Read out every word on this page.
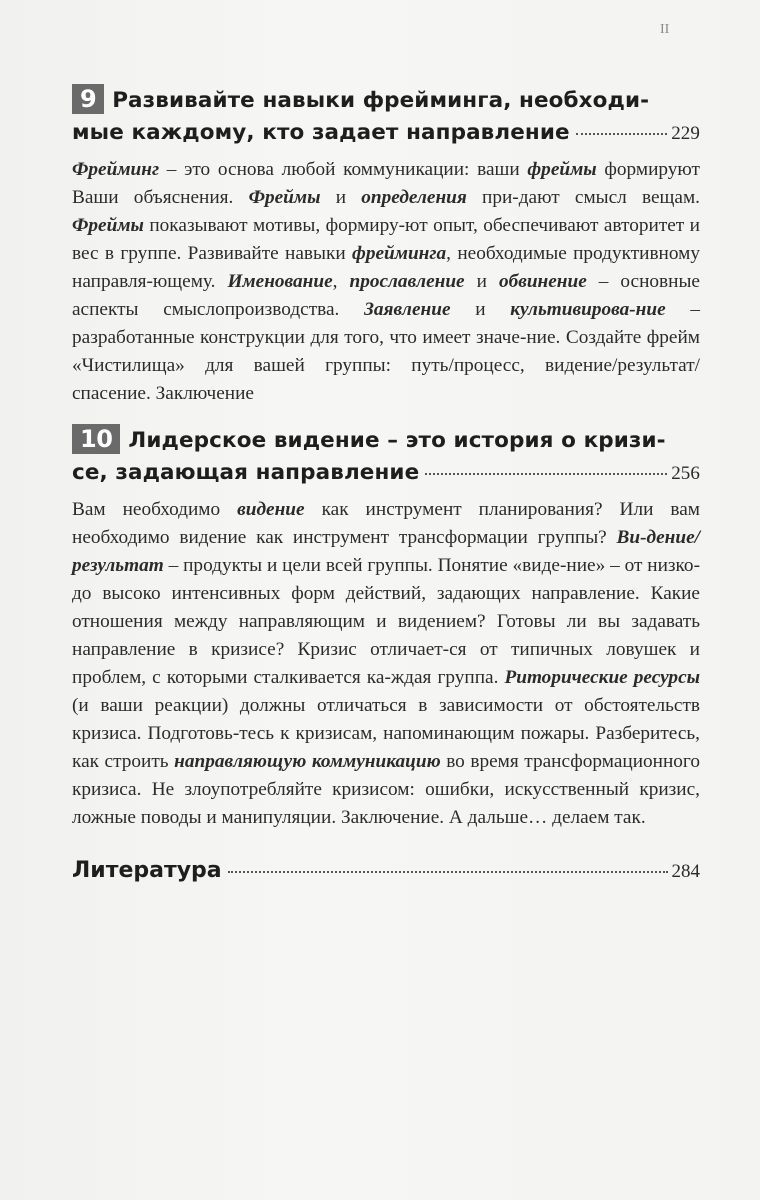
II
9 Развивайте навыки фрейминга, необходи-
мые каждому, кто задает направление	229

Фрейминг – это основа любой коммуникации: ваши фреймы формируют Ваши объяснения. Фреймы и определения при-дают смысл вещам. Фреймы показывают мотивы, формиру-ют опыт, обеспечивают авторитет и вес в группе. Развивайте навыки фрейминга, необходимые продуктивному направля-ющему. Именование, прославление и обвинение – основные аспекты смыслопроизводства. Заявление и культивирова-ние – разработанные конструкции для того, что имеет значе-ние. Создайте фрейм «Чистилища» для вашей группы: путь/процесс, видение/результат/спасение. Заключение

10 Лидерское видение – это история о кризи-
се, задающая направление	256

Вам необходимо видение как инструмент планирования? Или вам необходимо видение как инструмент трансформации группы? Ви-дение/результат – продукты и цели всей группы. Понятие «виде-ние» – от низко- до высоко интенсивных форм действий, задающих направление. Какие отношения между направляющим и видением? Готовы ли вы задавать направление в кризисе? Кризис отличает-ся от типичных ловушек и проблем, с которыми сталкивается ка-ждая группа. Риторические ресурсы (и ваши реакции) должны отличаться в зависимости от обстоятельств кризиса. Подготовь-тесь к кризисам, напоминающим пожары. Разберитесь, как строить направляющую коммуникацию во время трансформационного кризиса. Не злоупотребляйте кризисом: ошибки, искусственный кризис, ложные поводы и манипуляции. Заключение. А дальше… делаем так.

Литература	284
